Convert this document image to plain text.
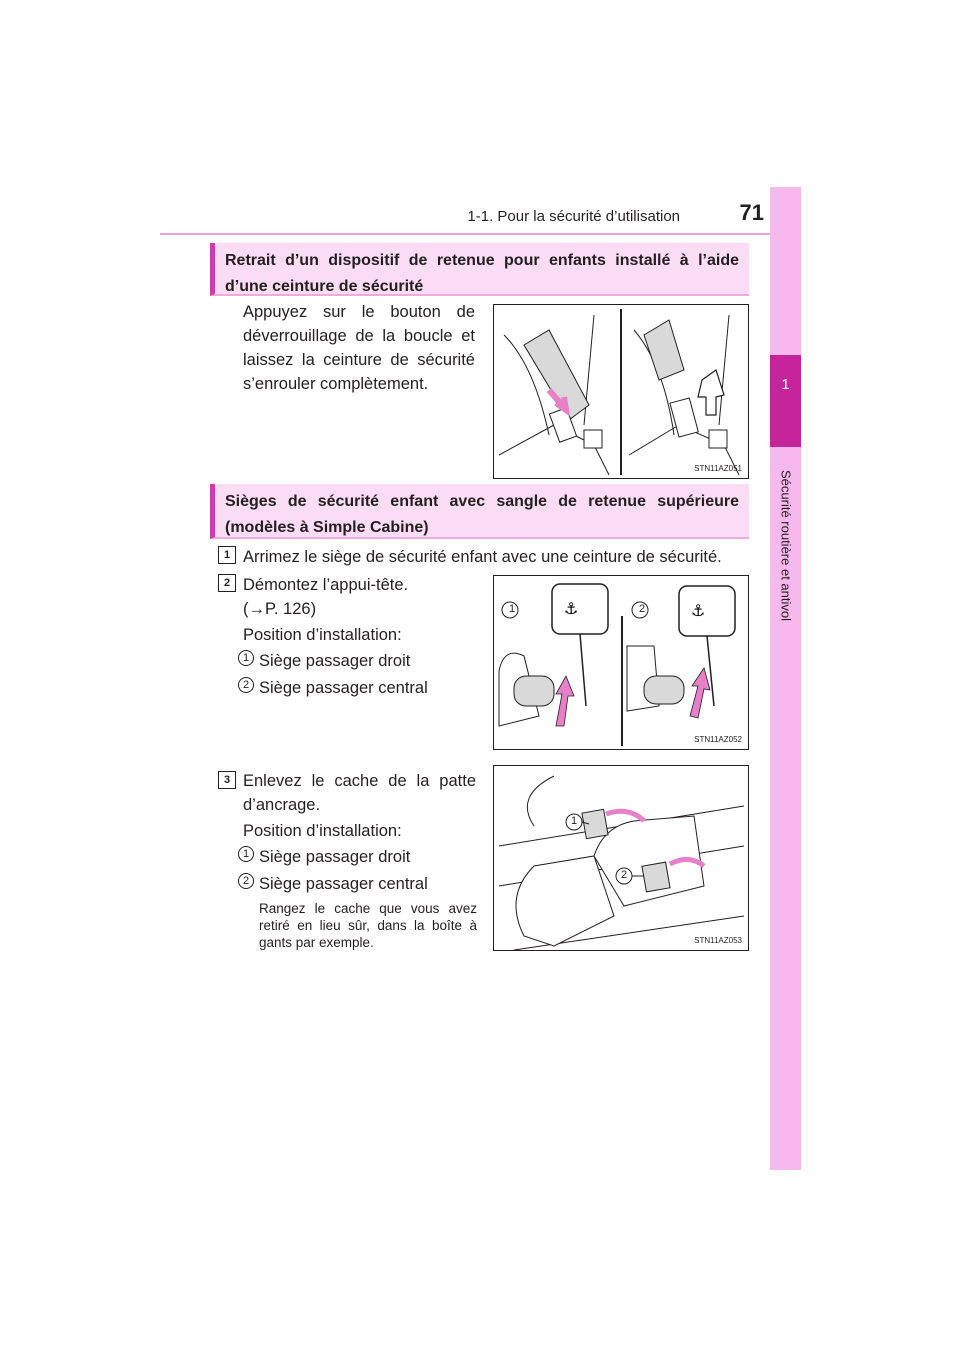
1-1. Pour la sécurité d’utilisation	71
1
Sécurité routière et antivol
Retrait d’un dispositif de retenue pour enfants installé à l’aide d’une ceinture de sécurité
Appuyez sur le bouton de déverrouillage de la boucle et laissez la ceinture de sécurité s’enrouler complètement.
STN11AZ051
Sièges de sécurité enfant avec sangle de retenue supérieure (modèles à Simple Cabine)
1 Arrimez le siège de sécurité enfant avec une ceinture de sécurité.
2 Démontez l’appui-tête.
(→P. 126)
Position d’installation:
1 Siège passager droit
2 Siège passager central
⚓	⚓
1	2
STN11AZ052
3 Enlevez le cache de la patte d’ancrage.
Position d’installation:
1 Siège passager droit
2 Siège passager central
Rangez le cache que vous avez retiré en lieu sûr, dans la boîte à gants par exemple.
1
2
STN11AZ053
